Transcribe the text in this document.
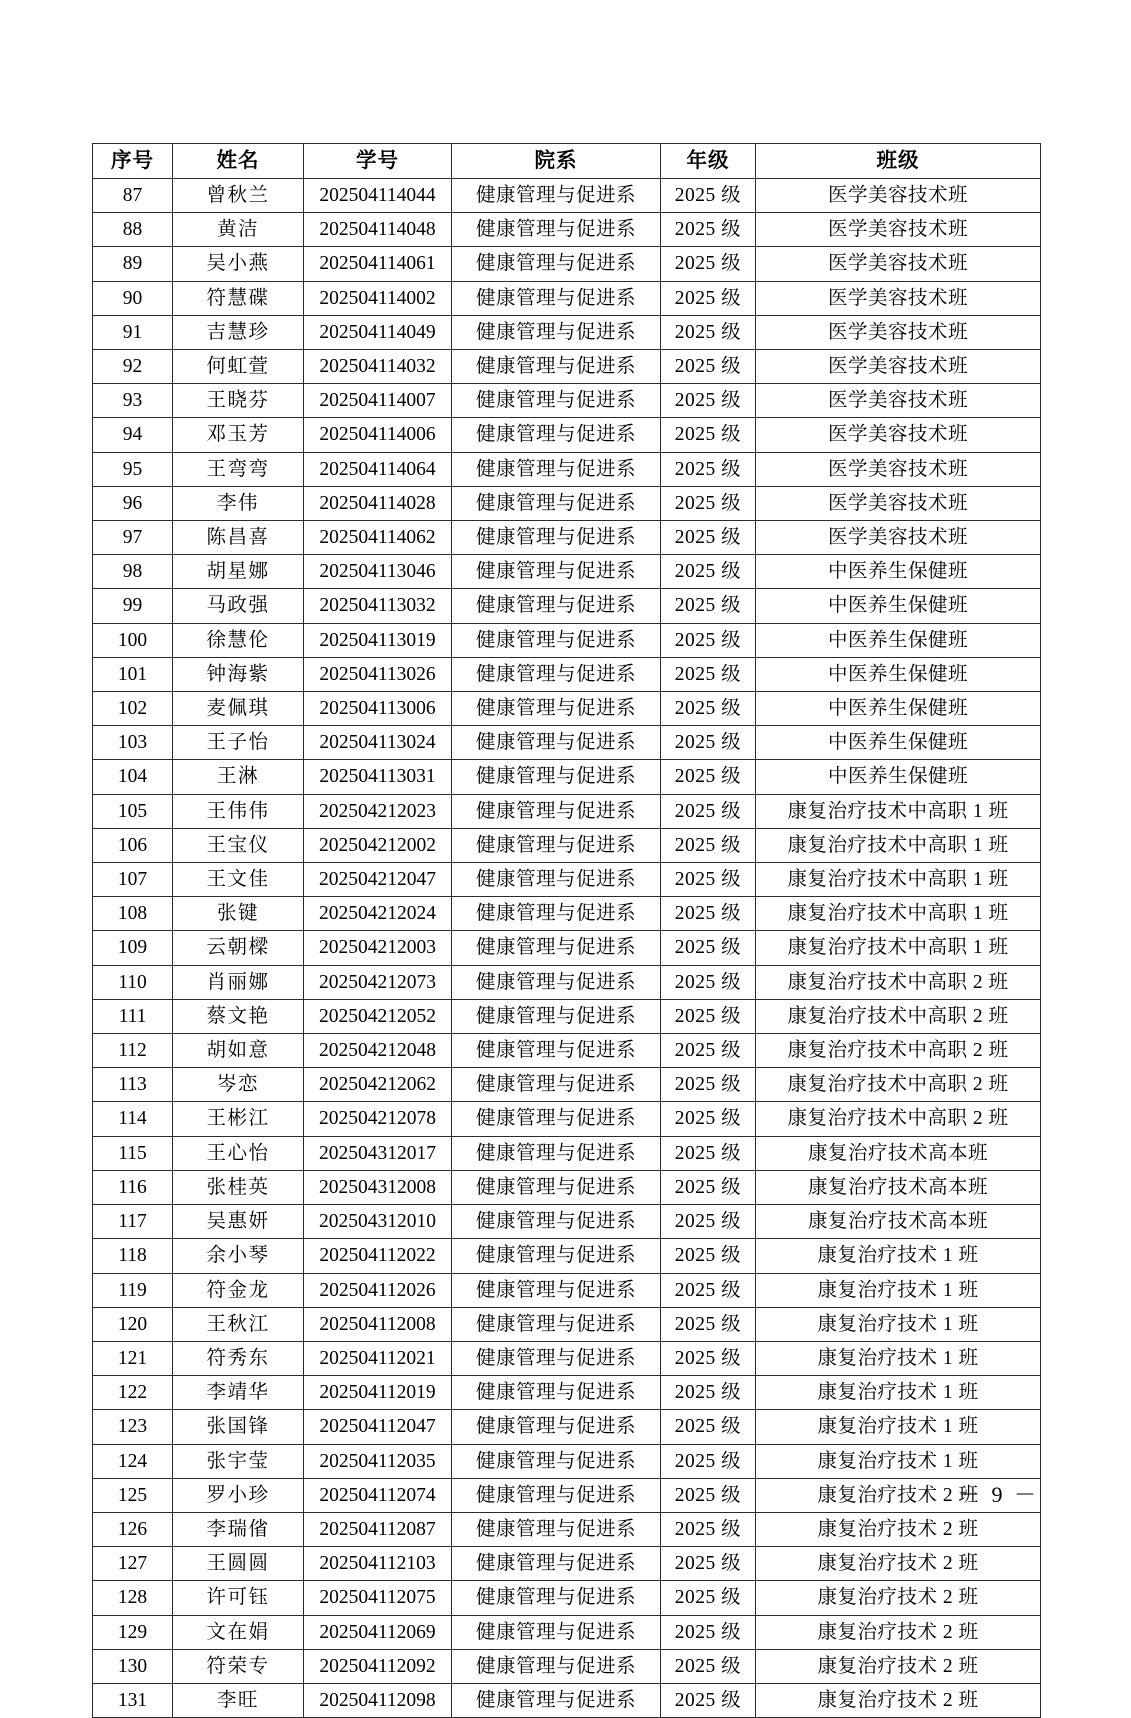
序号	姓名	学号	院系	年级	班级
87	曾秋兰	202504114044	健康管理与促进系	2025 级	医学美容技术班
88	黄洁	202504114048	健康管理与促进系	2025 级	医学美容技术班
89	吴小燕	202504114061	健康管理与促进系	2025 级	医学美容技术班
90	符慧碟	202504114002	健康管理与促进系	2025 级	医学美容技术班
91	吉慧珍	202504114049	健康管理与促进系	2025 级	医学美容技术班
92	何虹萱	202504114032	健康管理与促进系	2025 级	医学美容技术班
93	王晓芬	202504114007	健康管理与促进系	2025 级	医学美容技术班
94	邓玉芳	202504114006	健康管理与促进系	2025 级	医学美容技术班
95	王弯弯	202504114064	健康管理与促进系	2025 级	医学美容技术班
96	李伟	202504114028	健康管理与促进系	2025 级	医学美容技术班
97	陈昌喜	202504114062	健康管理与促进系	2025 级	医学美容技术班
98	胡星娜	202504113046	健康管理与促进系	2025 级	中医养生保健班
99	马政强	202504113032	健康管理与促进系	2025 级	中医养生保健班
100	徐慧伦	202504113019	健康管理与促进系	2025 级	中医养生保健班
101	钟海紫	202504113026	健康管理与促进系	2025 级	中医养生保健班
102	麦佩琪	202504113006	健康管理与促进系	2025 级	中医养生保健班
103	王子怡	202504113024	健康管理与促进系	2025 级	中医养生保健班
104	王淋	202504113031	健康管理与促进系	2025 级	中医养生保健班
105	王伟伟	202504212023	健康管理与促进系	2025 级	康复治疗技术中高职 1 班
106	王宝仪	202504212002	健康管理与促进系	2025 级	康复治疗技术中高职 1 班
107	王文佳	202504212047	健康管理与促进系	2025 级	康复治疗技术中高职 1 班
108	张键	202504212024	健康管理与促进系	2025 级	康复治疗技术中高职 1 班
109	云朝樑	202504212003	健康管理与促进系	2025 级	康复治疗技术中高职 1 班
110	肖丽娜	202504212073	健康管理与促进系	2025 级	康复治疗技术中高职 2 班
111	蔡文艳	202504212052	健康管理与促进系	2025 级	康复治疗技术中高职 2 班
112	胡如意	202504212048	健康管理与促进系	2025 级	康复治疗技术中高职 2 班
113	岑恋	202504212062	健康管理与促进系	2025 级	康复治疗技术中高职 2 班
114	王彬江	202504212078	健康管理与促进系	2025 级	康复治疗技术中高职 2 班
115	王心怡	202504312017	健康管理与促进系	2025 级	康复治疗技术高本班
116	张桂英	202504312008	健康管理与促进系	2025 级	康复治疗技术高本班
117	吴惠妍	202504312010	健康管理与促进系	2025 级	康复治疗技术高本班
118	余小琴	202504112022	健康管理与促进系	2025 级	康复治疗技术 1 班
119	符金龙	202504112026	健康管理与促进系	2025 级	康复治疗技术 1 班
120	王秋江	202504112008	健康管理与促进系	2025 级	康复治疗技术 1 班
121	符秀东	202504112021	健康管理与促进系	2025 级	康复治疗技术 1 班
122	李靖华	202504112019	健康管理与促进系	2025 级	康复治疗技术 1 班
123	张国锋	202504112047	健康管理与促进系	2025 级	康复治疗技术 1 班
124	张宇莹	202504112035	健康管理与促进系	2025 级	康复治疗技术 1 班
125	罗小珍	202504112074	健康管理与促进系	2025 级	康复治疗技术 2 班
126	李瑞偗	202504112087	健康管理与促进系	2025 级	康复治疗技术 2 班
127	王圆圆	202504112103	健康管理与促进系	2025 级	康复治疗技术 2 班
128	许可钰	202504112075	健康管理与促进系	2025 级	康复治疗技术 2 班
129	文在娟	202504112069	健康管理与促进系	2025 级	康复治疗技术 2 班
130	符荣专	202504112092	健康管理与促进系	2025 级	康复治疗技术 2 班
131	李旺	202504112098	健康管理与促进系	2025 级	康复治疗技术 2 班
－ 9 －
